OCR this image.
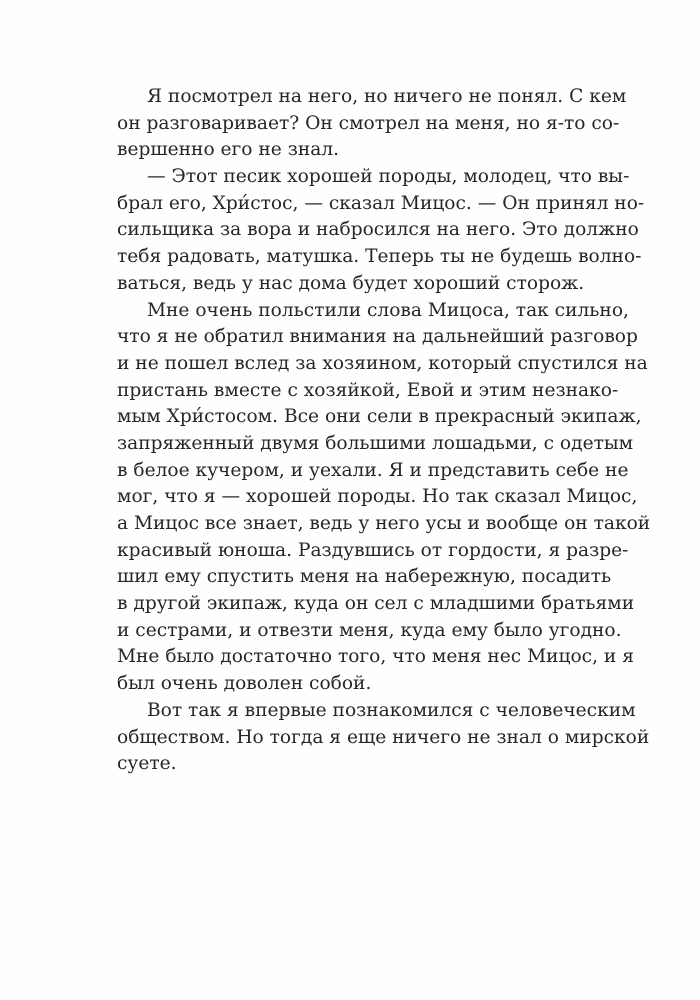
Я посмотрел на него, но ничего не понял. С кем
он разговаривает? Он смотрел на меня, но я-то со-
вершенно его не знал.
— Этот песик хорошей породы, молодец, что вы-
брал его, Хри́стос, — сказал Мицос. — Он принял но-
сильщика за вора и набросился на него. Это должно
тебя радовать, матушка. Теперь ты не будешь волно-
ваться, ведь у нас дома будет хороший сторож.
Мне очень польстили слова Мицоса, так сильно,
что я не обратил внимания на дальнейший разговор
и не пошел вслед за хозяином, который спустился на
пристань вместе с хозяйкой, Евой и этим незнако-
мым Хри́стосом. Все они сели в прекрасный экипаж,
запряженный двумя большими лошадьми, с одетым
в белое кучером, и уехали. Я и представить себе не
мог, что я — хорошей породы. Но так сказал Мицос,
а Мицос все знает, ведь у него усы и вообще он такой
красивый юноша. Раздувшись от гордости, я разре-
шил ему спустить меня на набережную, посадить
в другой экипаж, куда он сел с младшими братьями
и сестрами, и отвезти меня, куда ему было угодно.
Мне было достаточно того, что меня нес Мицос, и я
был очень доволен собой.
Вот так я впервые познакомился с человеческим
обществом. Но тогда я еще ничего не знал о мирской
суете.
